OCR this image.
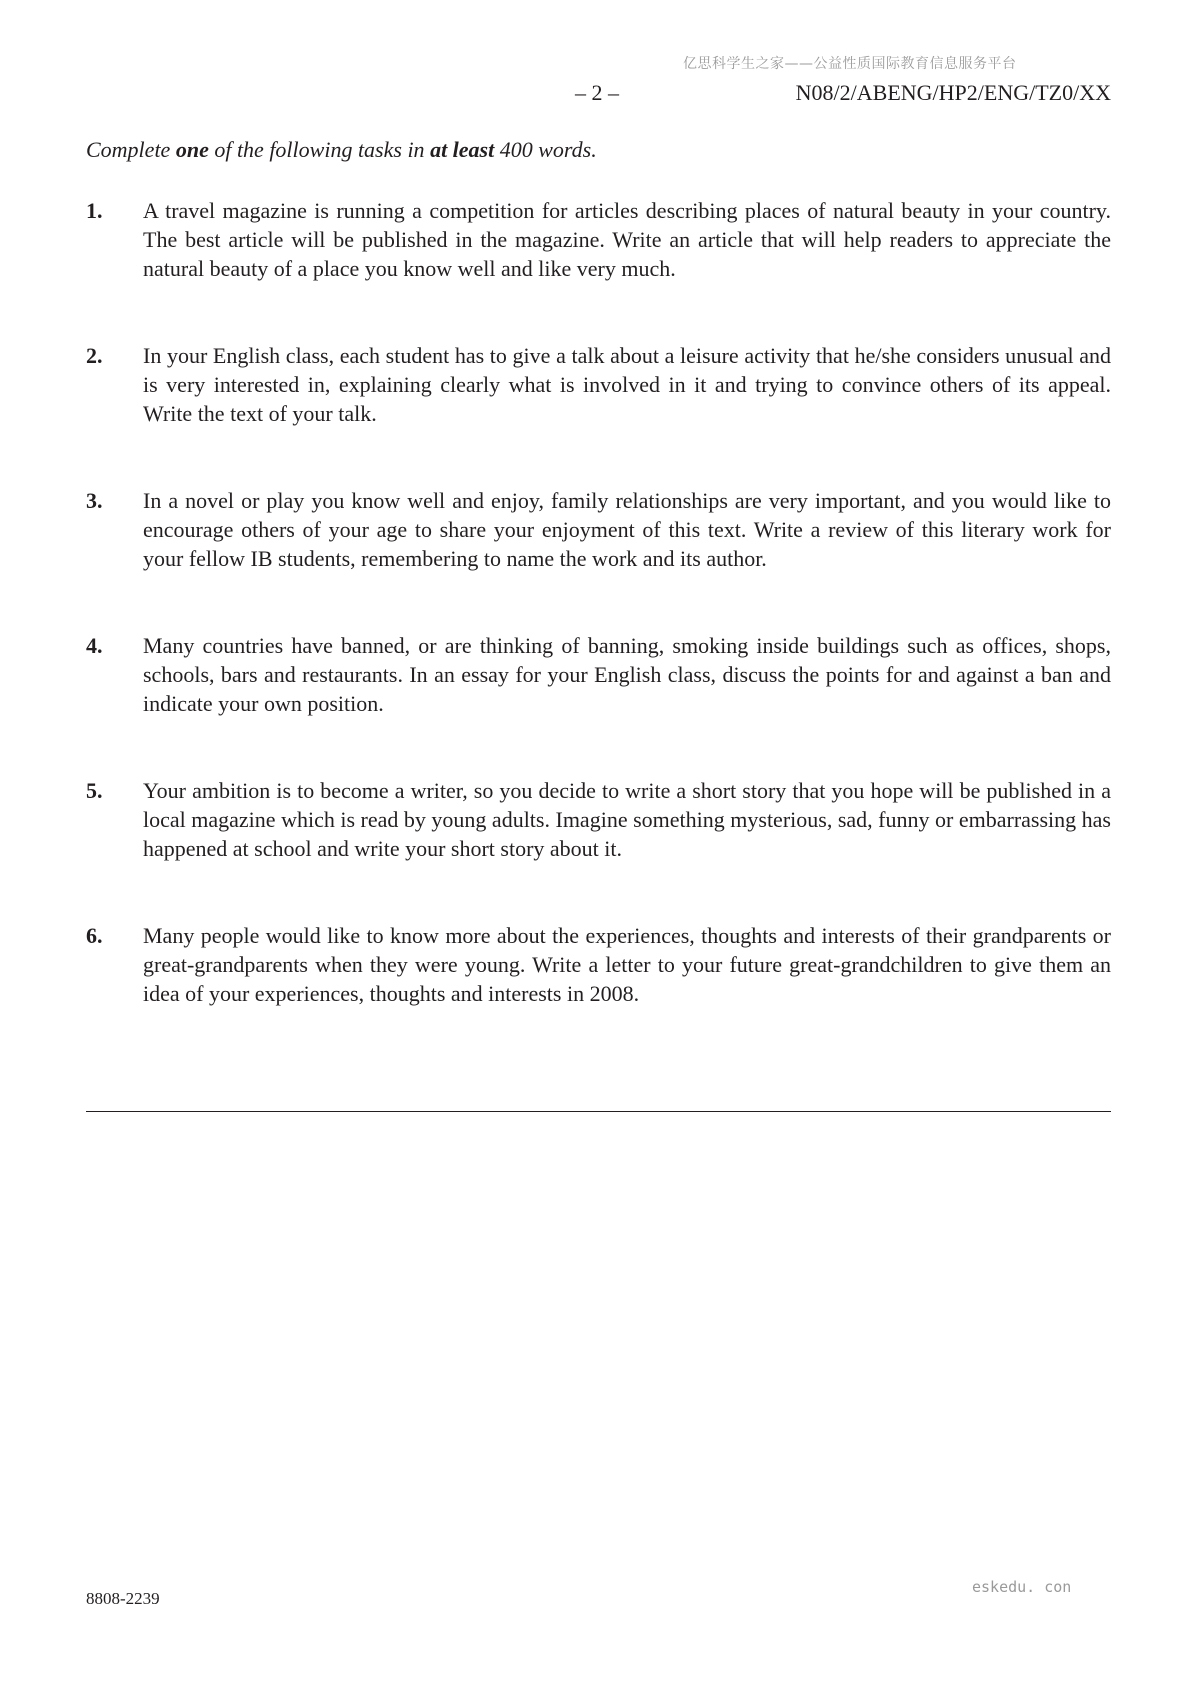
亿思科学生之家——公益性质国际教育信息服务平台
– 2 –	N08/2/ABENG/HP2/ENG/TZ0/XX
Complete one of the following tasks in at least 400 words.
1. A travel magazine is running a competition for articles describing places of natural beauty in your country. The best article will be published in the magazine. Write an article that will help readers to appreciate the natural beauty of a place you know well and like very much.
2. In your English class, each student has to give a talk about a leisure activity that he/she considers unusual and is very interested in, explaining clearly what is involved in it and trying to convince others of its appeal. Write the text of your talk.
3. In a novel or play you know well and enjoy, family relationships are very important, and you would like to encourage others of your age to share your enjoyment of this text. Write a review of this literary work for your fellow IB students, remembering to name the work and its author.
4. Many countries have banned, or are thinking of banning, smoking inside buildings such as offices, shops, schools, bars and restaurants. In an essay for your English class, discuss the points for and against a ban and indicate your own position.
5. Your ambition is to become a writer, so you decide to write a short story that you hope will be published in a local magazine which is read by young adults. Imagine something mysterious, sad, funny or embarrassing has happened at school and write your short story about it.
6. Many people would like to know more about the experiences, thoughts and interests of their grandparents or great-grandparents when they were young. Write a letter to your future great-grandchildren to give them an idea of your experiences, thoughts and interests in 2008.
8808-2239
eskedu. con
